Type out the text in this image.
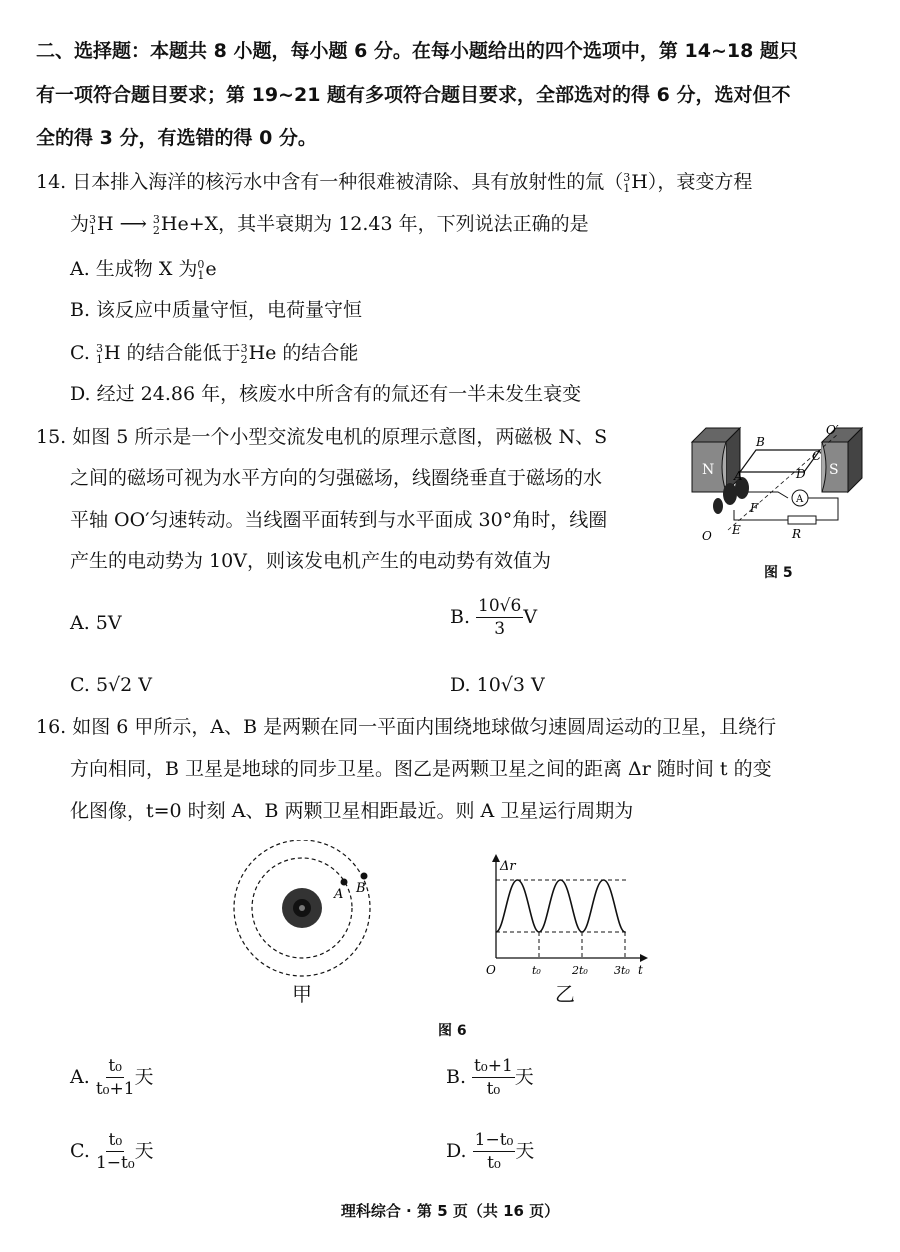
二、选择题：本题共 8 小题，每小题 6 分。在每小题给出的四个选项中，第 14~18 题只
有一项符合题目要求；第 19~21 题有多项符合题目要求，全部选对的得 6 分，选对但不
全的得 3 分，有选错的得 0 分。
14. 日本排入海洋的核污水中含有一种很难被清除、具有放射性的氚（ 3
1 H），衰变方程
为 3
1 H ⟶ 3
2 He+X，其半衰期为 12.43 年，下列说法正确的是
A. 生成物 X 为 0
1 e
B. 该反应中质量守恒，电荷量守恒
C. 3
1 H 的结合能低于 3
2 He 的结合能
D. 经过 24.86 年，核废水中所含有的氚还有一半未发生衰变
15. 如图 5 所示是一个小型交流发电机的原理示意图，两磁极 N、S
之间的磁场可视为水平方向的匀强磁场，线圈绕垂直于磁场的水
平轴 OO′匀速转动。当线圈平面转到与水平面成 30°角时，线圈
产生的电动势为 10V，则该发电机产生的电动势有效值为
N	S
A
B
A
C
D
F
E	R
O
O′
图 5
A. 5V	B. $\frac{10√6}{3}$ V
C. 5√2 V	D. 10√3 V
16. 如图 6 甲所示，A、B 是两颗在同一平面内围绕地球做匀速圆周运动的卫星，且绕行
方向相同，B 卫星是地球的同步卫星。图乙是两颗卫星之间的距离 Δr 随时间 t 的变
化图像，t=0 时刻 A、B 两颗卫星相距最近。则 A 卫星运行周期为
A B
甲
Δr
O	t₀	2t₀ 3t₀ t
乙
图 6
A. $\frac{\text{t₀}}{\text{t₀+1}}$ 天	B. $\frac{\text{t₀+1}}{\text{t₀}}$ 天
C. $\frac{\text{t₀}}{\text{1−t₀}}$ 天	D. $\frac{\text{1−t₀}}{\text{t₀}}$ 天
理科综合 · 第 5 页（共 16 页）
